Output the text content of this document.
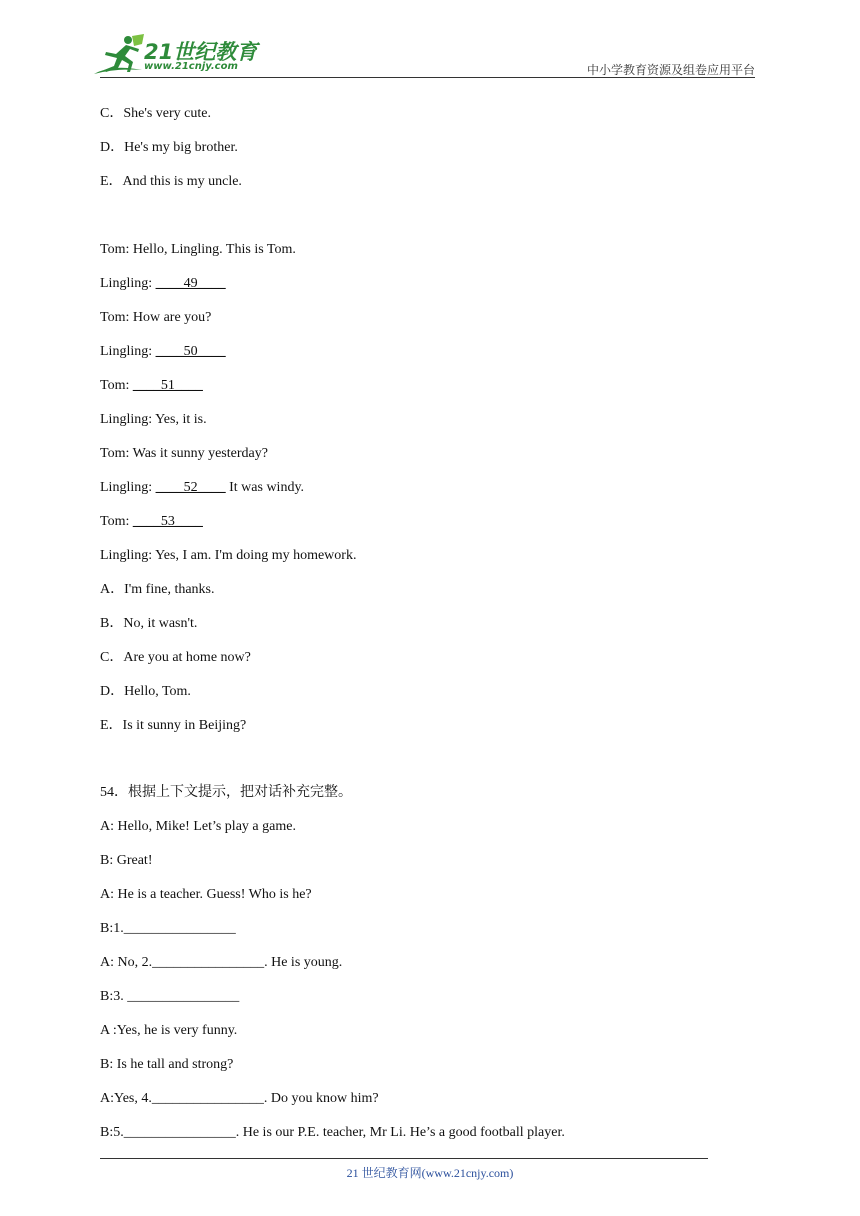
21世纪教育
www.21cnjy.com	中小学教育资源及组卷应用平台
C．She's very cute.
D．He's my big brother.
E．And this is my uncle.
Tom: Hello, Lingling. This is Tom.
Lingling: ____49____
Tom: How are you?
Lingling: ____50____
Tom: ____51____
Lingling: Yes, it is.
Tom: Was it sunny yesterday?
Lingling: ____52____ It was windy.
Tom: ____53____
Lingling: Yes, I am. I'm doing my homework.
A．I'm fine, thanks.
B．No, it wasn't.
C．Are you at home now?
D．Hello, Tom.
E．Is it sunny in Beijing?
54．根据上下文提示，把对话补充完整。
A: Hello, Mike! Let’s play a game.
B: Great!
A: He is a teacher. Guess! Who is he?
B:1.________________
A: No, 2.________________. He is young.
B:3. ________________
A :Yes, he is very funny.
B: Is he tall and strong?
A:Yes, 4.________________. Do you know him?
B:5.________________. He is our P.E. teacher, Mr Li. He’s a good football player.
21 世纪教育网(www.21cnjy.com)
